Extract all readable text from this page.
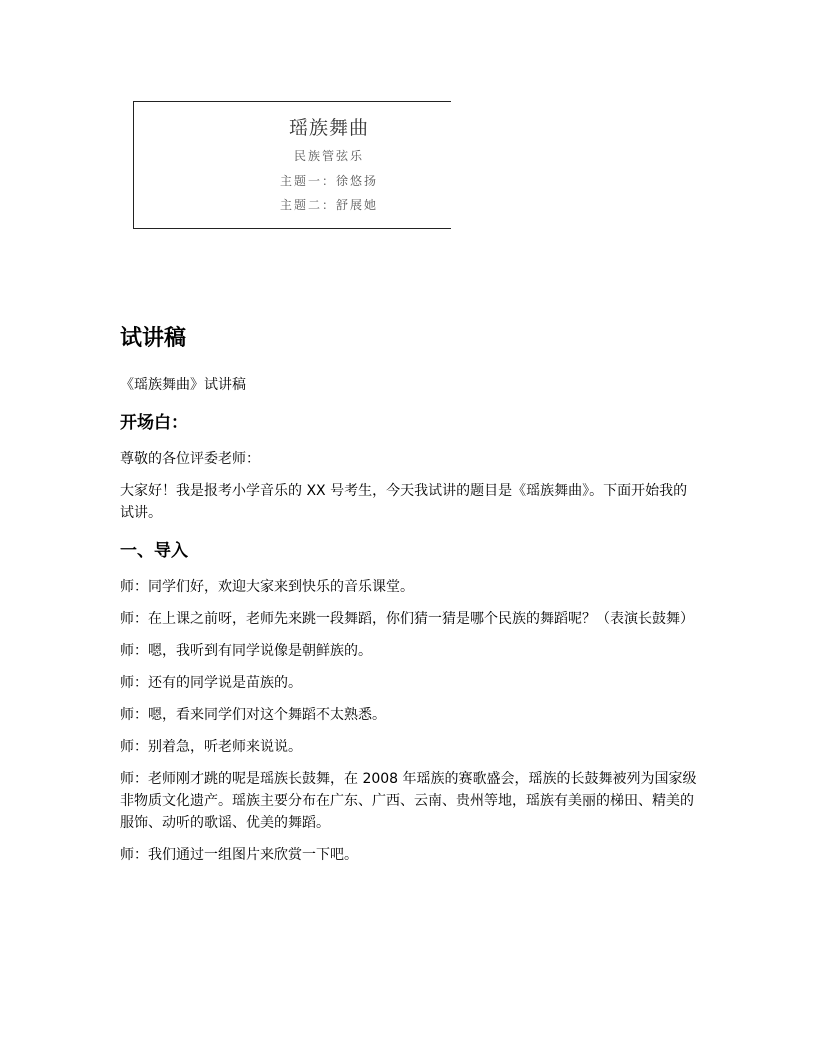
瑶族舞曲
民族管弦乐
主题一：徐悠扬
主题二：舒展她
试讲稿

《瑶族舞曲》试讲稿

开场白：

尊敬的各位评委老师：

大家好！我是报考小学音乐的 XX 号考生，今天我试讲的题目是《瑶族舞曲》。下面开始我的试讲。

一、导入

师：同学们好，欢迎大家来到快乐的音乐课堂。

师：在上课之前呀，老师先来跳一段舞蹈，你们猜一猜是哪个民族的舞蹈呢？（表演长鼓舞）

师：嗯，我听到有同学说像是朝鲜族的。

师：还有的同学说是苗族的。

师：嗯，看来同学们对这个舞蹈不太熟悉。

师：别着急，听老师来说说。

师：老师刚才跳的呢是瑶族长鼓舞，在 2008 年瑶族的赛歌盛会，瑶族的长鼓舞被列为国家级非物质文化遗产。瑶族主要分布在广东、广西、云南、贵州等地，瑶族有美丽的梯田、精美的服饰、动听的歌谣、优美的舞蹈。

师：我们通过一组图片来欣赏一下吧。
